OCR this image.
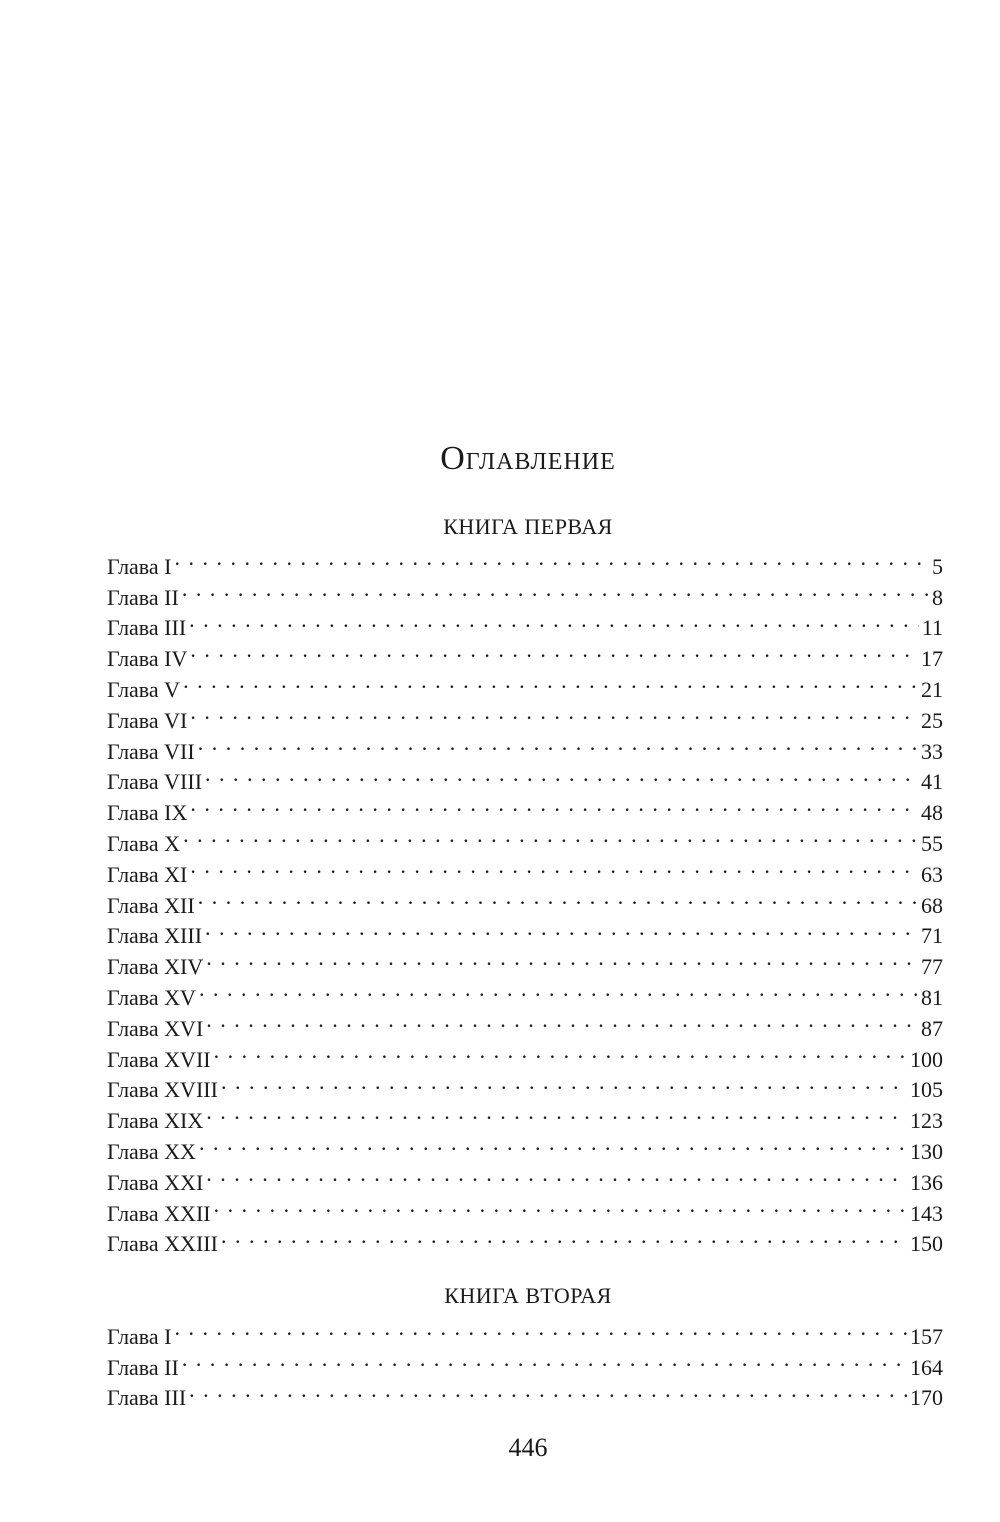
Оглавление
КНИГА ПЕРВАЯ
Глава I . . .	5
Глава II . . .	8
Глава III . . .	11
Глава IV . . .	17
Глава V . . .	21
Глава VI . . .	25
Глава VII . . .	33
Глава VIII . . .	41
Глава IX . . .	48
Глава X . . .	55
Глава XI . . .	63
Глава XII . . .	68
Глава XIII . . .	71
Глава XIV . . .	77
Глава XV . . .	81
Глава XVI . . .	87
Глава XVII . . .	100
Глава XVIII . . .	105
Глава XIX . . .	123
Глава XX . . .	130
Глава XXI . . .	136
Глава XXII . . .	143
Глава XXIII . . .	150
КНИГА ВТОРАЯ
Глава I . . .	157
Глава II . . .	164
Глава III . . .	170
446
